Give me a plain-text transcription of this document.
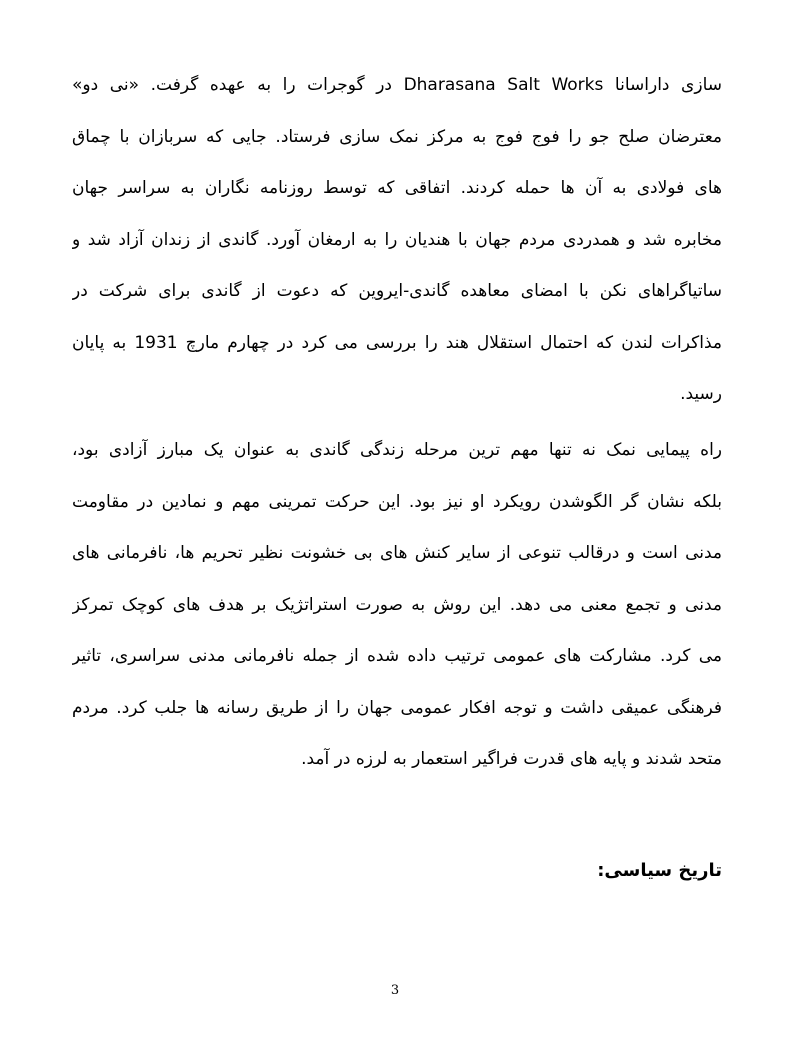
سازی داراسانا Dharasana Salt Works در گوجرات را به عهده گرفت. «نی دو»
معترضان صلح جو را فوج فوج به مرکز نمک سازی فرستاد. جایی که سربازان با چماق
های فولادی به آن ها حمله کردند. اتفاقی که توسط روزنامه نگاران به سراسر جهان
مخابره شد و همدردی مردم جهان با هندیان را به ارمغان آورد. گاندی از زندان آزاد شد و
ساتیاگراهای نکن با امضای معاهده گاندی-ایروین که دعوت از گاندی برای شرکت در
مذاکرات لندن که احتمال استقلال هند را بررسی می کرد در چهارم مارچ 1931 به پایان
رسید.
راه پیمایی نمک نه تنها مهم ترین مرحله زندگی گاندی به عنوان یک مبارز آزادی بود،
بلکه نشان گر الگوشدن رویکرد او نیز بود. این حرکت تمرینی مهم و نمادین در مقاومت
مدنی است و درقالب تنوعی از سایر کنش های بی خشونت نظیر تحریم ها، نافرمانی های
مدنی و تجمع معنی می دهد. این روش به صورت استراتژیک بر هدف های کوچک تمرکز
می کرد. مشارکت های عمومی ترتیب داده شده از جمله نافرمانی مدنی سراسری، تاثیر
فرهنگی عمیقی داشت و توجه افکار عمومی جهان را از طریق رسانه ها جلب کرد. مردم
متحد شدند و پایه های قدرت فراگیر استعمار به لرزه در آمد.
تاریخ سیاسی:
3
